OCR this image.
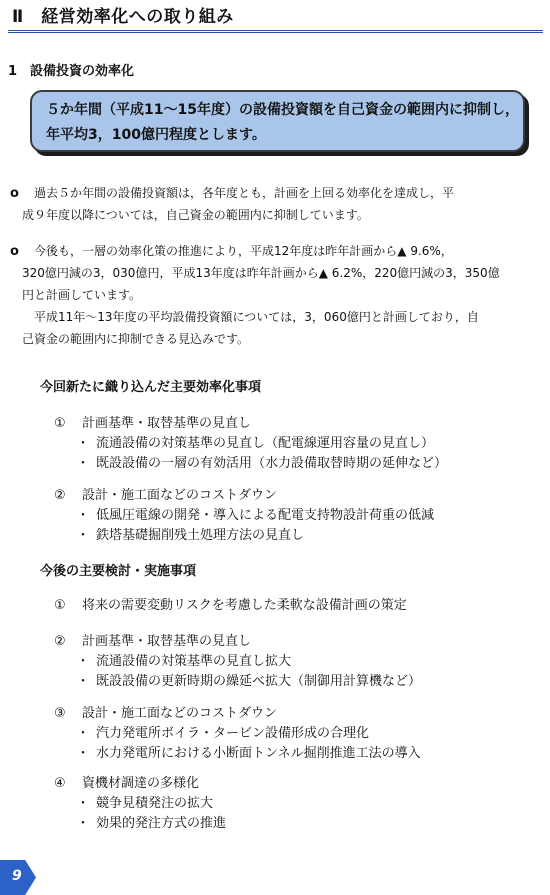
Ⅱ　経営効率化への取り組み
1　設備投資の効率化
５か年間（平成11～15年度）の設備投資額を自己資金の範囲内に抑制し，
年平均3，100億円程度とします。
o 過去５か年間の設備投資額は，各年度とも，計画を上回る効率化を達成し，平
成９年度以降については，自己資金の範囲内に抑制しています。
o 今後も，一層の効率化策の推進により，平成12年度は昨年計画から▲ 9.6%，
320億円減の3，030億円，平成13年度は昨年計画から▲ 6.2%，220億円減の3，350億
円と計画しています。
平成11年～13年度の平均設備投資額については，3，060億円と計画しており，自
己資金の範囲内に抑制できる見込みです。
今回新たに織り込んだ主要効率化事項
① 計画基準・取替基準の見直し
・ 流通設備の対策基準の見直し（配電線運用容量の見直し）
・ 既設設備の一層の有効活用（水力設備取替時期の延伸など）
② 設計・施工面などのコストダウン
・ 低風圧電線の開発・導入による配電支持物設計荷重の低減
・ 鉄塔基礎掘削残土処理方法の見直し
今後の主要検討・実施事項
① 将来の需要変動リスクを考慮した柔軟な設備計画の策定
② 計画基準・取替基準の見直し
・ 流通設備の対策基準の見直し拡大
・ 既設設備の更新時期の繰延べ拡大（制御用計算機など）
③ 設計・施工面などのコストダウン
・ 汽力発電所ボイラ・タービン設備形成の合理化
・ 水力発電所における小断面トンネル掘削推進工法の導入
④ 資機材調達の多様化
・ 競争見積発注の拡大
・ 効果的発注方式の推進
9
